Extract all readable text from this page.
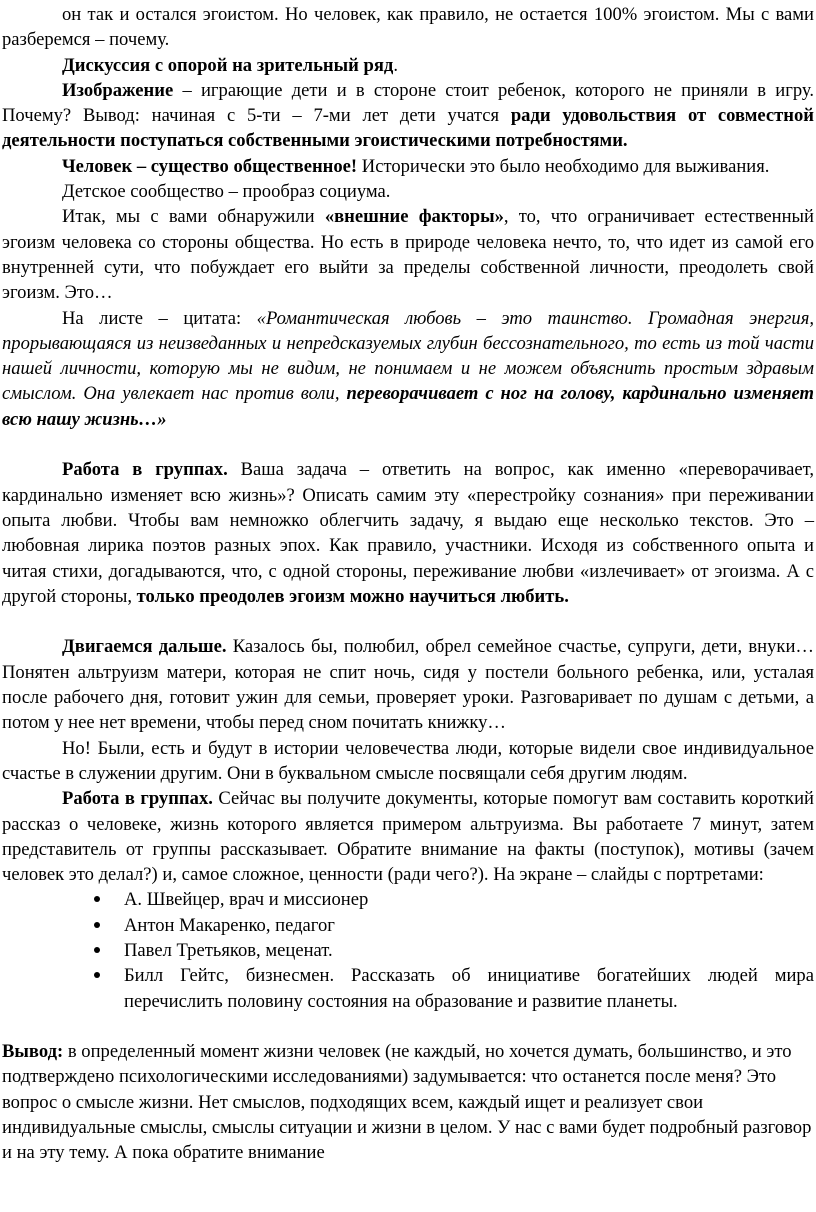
он так и остался эгоистом. Но человек, как правило, не остается 100% эгоистом. Мы с вами разберемся – почему.

Дискуссия с опорой на зрительный ряд.

Изображение – играющие дети и в стороне стоит ребенок, которого не приняли в игру. Почему? Вывод: начиная с 5-ти – 7-ми лет дети учатся ради удовольствия от совместной деятельности поступаться собственными эгоистическими потребностями.

Человек – существо общественное! Исторически это было необходимо для выживания.

Детское сообщество – прообраз социума.

Итак, мы с вами обнаружили «внешние факторы», то, что ограничивает естественный эгоизм человека со стороны общества. Но есть в природе человека нечто, то, что идет из самой его внутренней сути, что побуждает его выйти за пределы собственной личности, преодолеть свой эгоизм. Это…

На листе – цитата: «Романтическая любовь – это таинство. Громадная энергия, прорывающаяся из неизведанных и непредсказуемых глубин бессознательного, то есть из той части нашей личности, которую мы не видим, не понимаем и не можем объяснить простым здравым смыслом. Она увлекает нас против воли, переворачивает с ног на голову, кардинально изменяет всю нашу жизнь…»

Работа в группах. Ваша задача – ответить на вопрос, как именно «переворачивает, кардинально изменяет всю жизнь»? Описать самим эту «перестройку сознания» при переживании опыта любви. Чтобы вам немножко облегчить задачу, я выдаю еще несколько текстов. Это – любовная лирика поэтов разных эпох. Как правило, участники. Исходя из собственного опыта и читая стихи, догадываются, что, с одной стороны, переживание любви «излечивает» от эгоизма. А с другой стороны, только преодолев эгоизм можно научиться любить.

Двигаемся дальше. Казалось бы, полюбил, обрел семейное счастье, супруги, дети, внуки… Понятен альтруизм матери, которая не спит ночь, сидя у постели больного ребенка, или, усталая после рабочего дня, готовит ужин для семьи, проверяет уроки. Разговаривает по душам с детьми, а потом у нее нет времени, чтобы перед сном почитать книжку…

Но! Были, есть и будут в истории человечества люди, которые видели свое индивидуальное счастье в служении другим. Они в буквальном смысле посвящали себя другим людям.

Работа в группах. Сейчас вы получите документы, которые помогут вам составить короткий рассказ о человеке, жизнь которого является примером альтруизма. Вы работаете 7 минут, затем представитель от группы рассказывает. Обратите внимание на факты (поступок), мотивы (зачем человек это делал?) и, самое сложное, ценности (ради чего?). На экране – слайды с портретами:

А. Швейцер, врач и миссионер
Антон Макаренко, педагог
Павел Третьяков, меценат.
Билл Гейтс, бизнесмен. Рассказать об инициативе богатейших людей мира перечислить половину состояния на образование и развитие планеты.

Вывод: в определенный момент жизни человек (не каждый, но хочется думать, большинство, и это подтверждено психологическими исследованиями) задумывается: что останется после меня? Это вопрос о смысле жизни. Нет смыслов, подходящих всем, каждый ищет и реализует свои индивидуальные смыслы, смыслы ситуации и жизни в целом. У нас с вами будет подробный разговор и на эту тему. А пока обратите внимание
